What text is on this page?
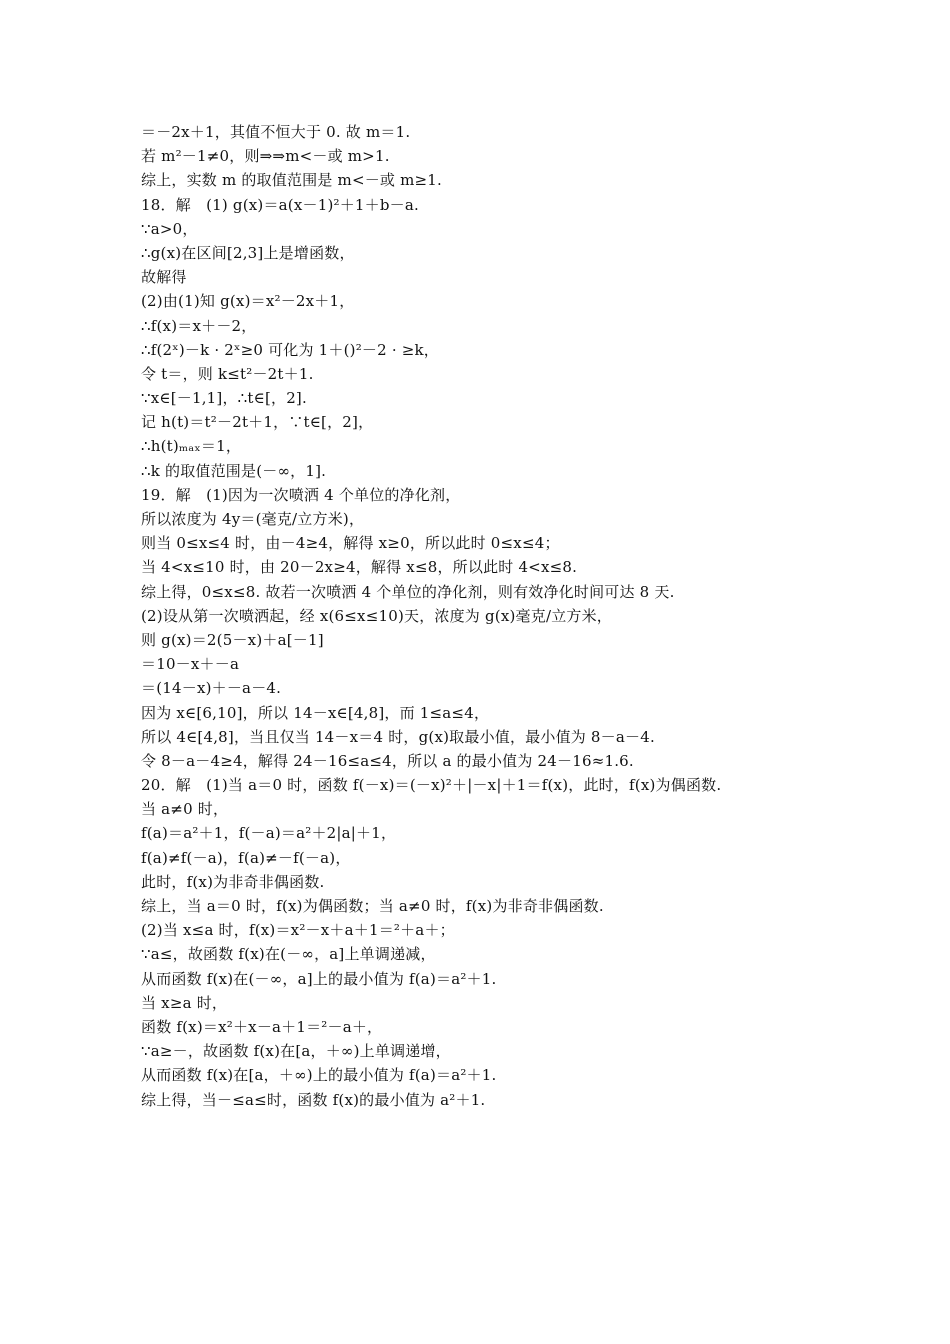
＝－2x＋1，其值不恒大于 0. 故 m＝1.
若 m²－1≠0，则⇒⇒m<－或 m>1.
综上，实数 m 的取值范围是 m<－或 m≥1.
18．解　(1) g(x)＝a(x－1)²＋1＋b－a.
∵a>0，
∴g(x)在区间[2,3]上是增函数，
故解得
(2)由(1)知 g(x)＝x²－2x＋1，
∴f(x)＝x＋－2，
∴f(2ˣ)－k · 2ˣ≥0 可化为 1＋()²－2 · ≥k，
令 t＝，则 k≤t²－2t＋1.
∵x∈[－1,1]，∴t∈[，2].
记 h(t)＝t²－2t＋1，∵t∈[，2]，
∴h(t)ₘₐₓ＝1，
∴k 的取值范围是(－∞，1].
19．解　(1)因为一次喷洒 4 个单位的净化剂，
所以浓度为 4y＝(毫克/立方米)，
则当 0≤x≤4 时，由－4≥4，解得 x≥0，所以此时 0≤x≤4；
当 4<x≤10 时，由 20－2x≥4，解得 x≤8，所以此时 4<x≤8.
综上得，0≤x≤8. 故若一次喷洒 4 个单位的净化剂，则有效净化时间可达 8 天.
(2)设从第一次喷洒起，经 x(6≤x≤10)天，浓度为 g(x)毫克/立方米，
则 g(x)＝2(5－x)＋a[－1]
＝10－x＋－a
＝(14－x)＋－a－4.
因为 x∈[6,10]，所以 14－x∈[4,8]，而 1≤a≤4，
所以 4∈[4,8]，当且仅当 14－x＝4 时，g(x)取最小值，最小值为 8－a－4.
令 8－a－4≥4，解得 24－16≤a≤4，所以 a 的最小值为 24－16≈1.6.
20．解　(1)当 a＝0 时，函数 f(－x)＝(－x)²＋|－x|＋1＝f(x)，此时，f(x)为偶函数.
当 a≠0 时，
f(a)＝a²＋1，f(－a)＝a²＋2|a|＋1，
f(a)≠f(－a)，f(a)≠－f(－a)，
此时，f(x)为非奇非偶函数.
综上，当 a＝0 时，f(x)为偶函数；当 a≠0 时，f(x)为非奇非偶函数.
(2)当 x≤a 时，f(x)＝x²－x＋a＋1＝²＋a＋；
∵a≤，故函数 f(x)在(－∞，a]上单调递减，
从而函数 f(x)在(－∞，a]上的最小值为 f(a)＝a²＋1.
当 x≥a 时，
函数 f(x)＝x²＋x－a＋1＝²－a＋，
∵a≥－，故函数 f(x)在[a，＋∞)上单调递增，
从而函数 f(x)在[a，＋∞)上的最小值为 f(a)＝a²＋1.
综上得，当－≤a≤时，函数 f(x)的最小值为 a²＋1.
